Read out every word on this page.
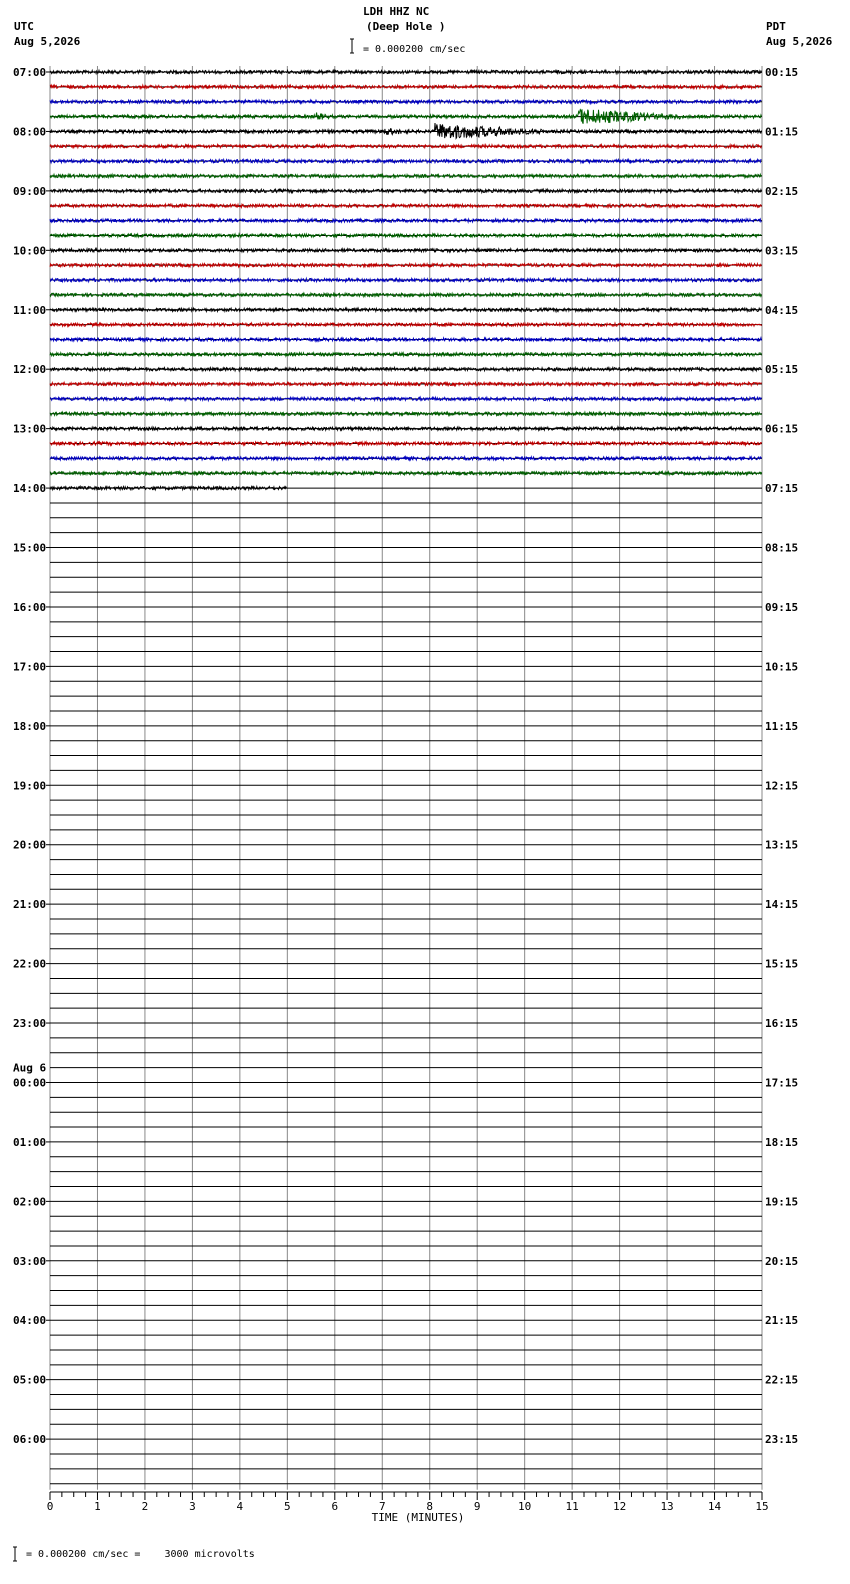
LDH HHZ NC
(Deep Hole )
UTC
Aug 5,2026
PDT
Aug 5,2026
= 0.000200 cm/sec
07:00
08:00
09:00
10:00
11:00
12:00
13:00
14:00
15:00
16:00
17:00
18:00
19:00
20:00
21:00
22:00
23:00
00:00
01:00
02:00
03:00
04:00
05:00
06:00
00:15
01:15
02:15
03:15
04:15
05:15
06:15
07:15
08:15
09:15
10:15
11:15
12:15
13:15
14:15
15:15
16:15
17:15
18:15
19:15
20:15
21:15
22:15
23:15
Aug 6
0	1	2	3	4	5	6	7	8	9	10	11	12	13	14	15
TIME (MINUTES)
= 0.000200 cm/sec =    3000 microvolts
